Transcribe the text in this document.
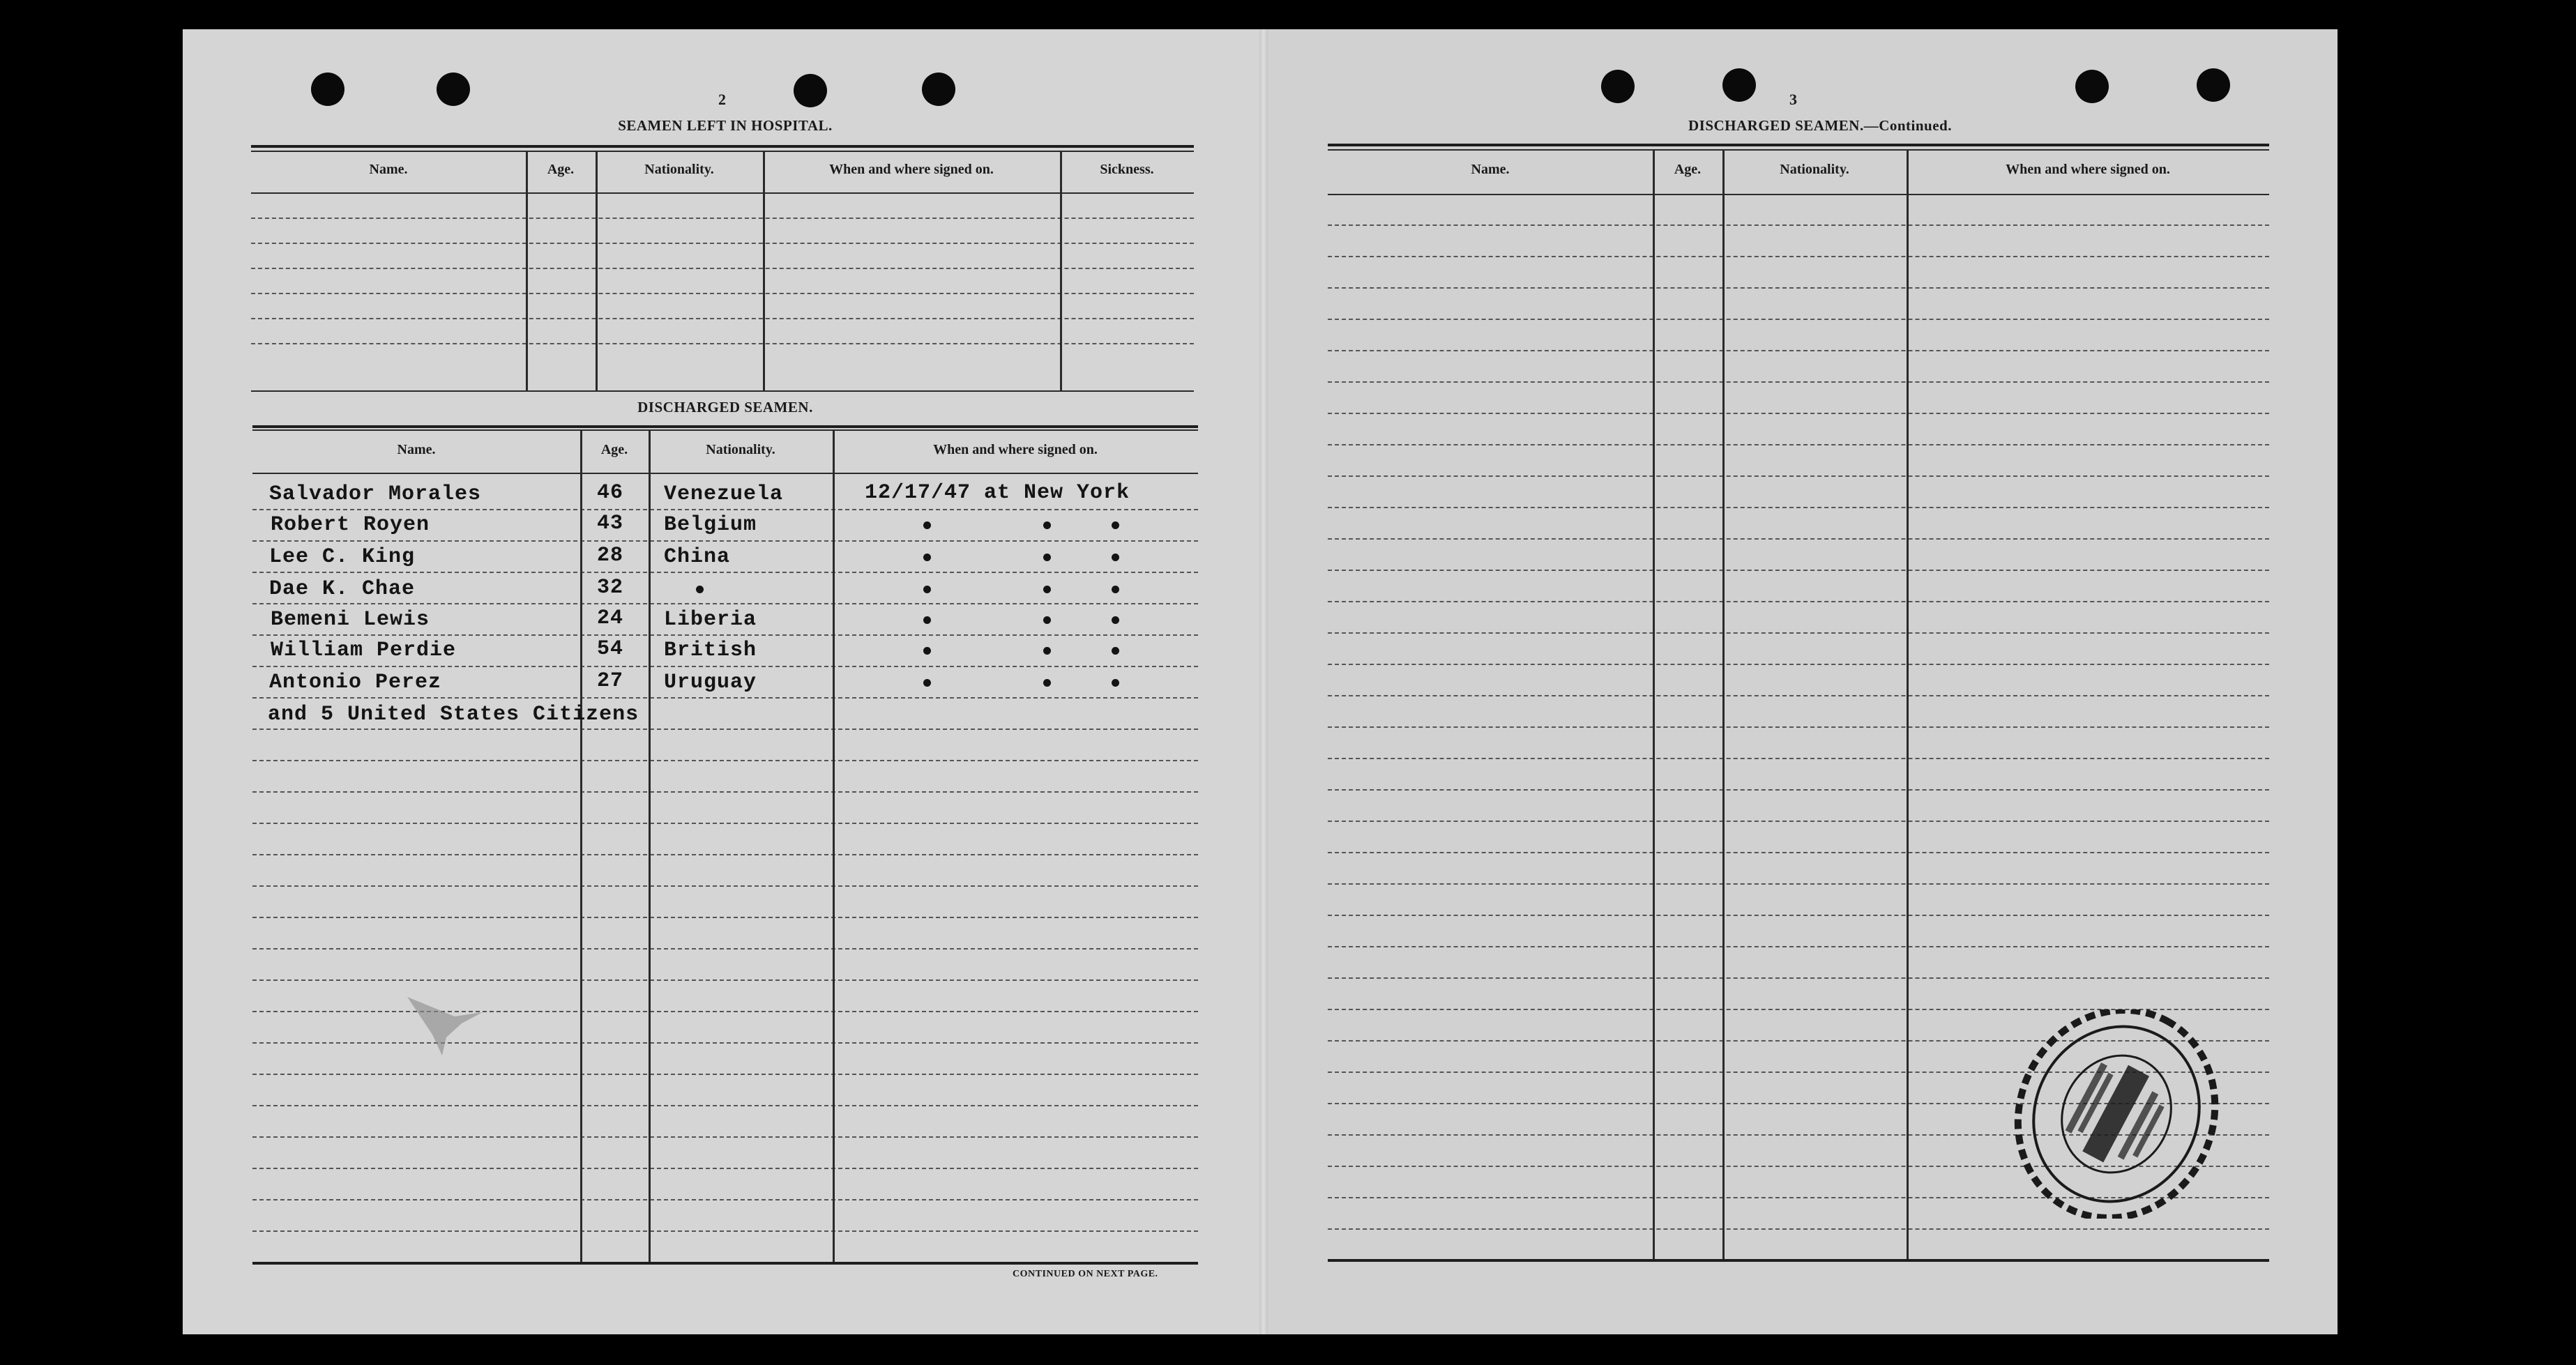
2
SEAMEN LEFT IN HOSPITAL.
Name.	Age.	Nationality.	When and where signed on.	Sickness.
DISCHARGED SEAMEN.
Name.	Age.	Nationality.	When and where signed on.
Salvador Morales	46 Venezuela	12/17/47 at New York
Robert Royen	43 Belgium
Lee C. King	28 China
Dae K. Chae	32
Bemeni Lewis	24 Liberia
William Perdie	54 British
Antonio Perez	27 Uruguay
and 5 United States Citizens
CONTINUED ON NEXT PAGE.
3
DISCHARGED SEAMEN.—Continued.
Name.	Age.	Nationality.	When and where signed on.
